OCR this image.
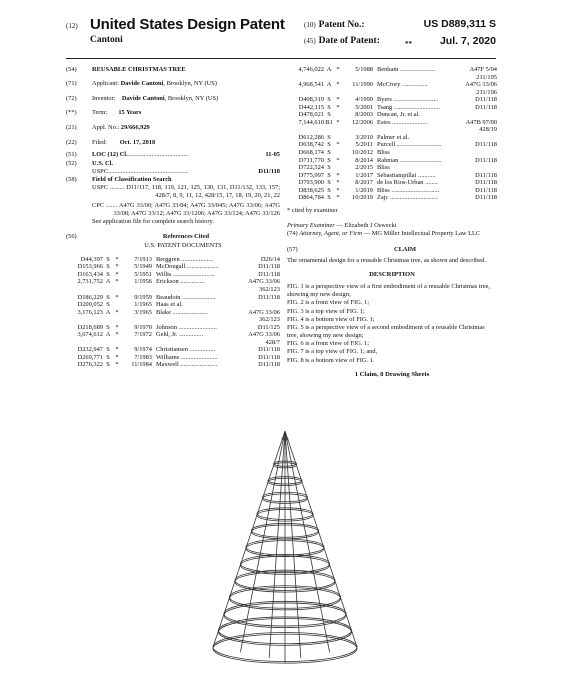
(12) United States Design Patent
Cantoni
(10) Patent No.:	US D889,311 S
(45) Date of Patent:	**	Jul. 7, 2020
(54)	REUSABLE CHRISTMAS TREE
(71)	Applicant: Davide Cantoni, Brooklyn, NY (US)
(72)	Inventor: Davide Cantoni, Brooklyn, NY (US)
(**)	Term: 15 Years
(21)	Appl. No.: 29/666,929
(22)	Filed: Oct. 17, 2018
(51)	LOC (12) Cl. ......................................	11-05
(52)	U.S. Cl.

USPC ..................................................	D11/118
(58)	Field of Classification Search

USPC ......... D11/117, 118, 119, 121, 125, 130, 131, D11/132, 133, 157; 428/7, 8, 9, 11, 12, 428/15, 17, 18, 19, 20, 21, 22
CPC ....... A47G 33/00; A47G 33/04; A47G 33/045; A47G 33/06; A47G 33/08; A47G 33/12; A47G 33/1206; A47G 33/124; A47G 33/126
See application file for complete search history.
(56)	References Cited
U.S. PATENT DOCUMENTS
D44,397 S *	7/1913 Berggren ....................	D26/14
D153,966 S *	5/1949 McDougall ....................	D11/118
D163,434 S *	5/1951 Willis ..........................	D11/118
2,731,752 A *	1/1956 Erickson ...............	A47G 33/06
362/123
D186,229 S *	9/1959 Beaudoin .....................	D11/118
D200,052 S	1/1965 Haas et al.
3,176,123 A *	3/1965 Blake ......................	A47G 33/06
362/123
D218,689 S *	9/1970 Johnson ........................	D11/125
3,674,612 A *	7/1972 Gehl, Jr. ...............	A47G 33/06
428/7
D232,947 S *	9/1974 Christiansen ................	D11/118
D269,771 S *	7/1983 Williams .......................	D11/118
D276,322 S *	11/1984 Maxwell .......................	D11/118
4,746,022 A *	5/1988 Benham ......................	A47F 5/04
211/195
4,968,541 A *	11/1990 McCrory ................	A47G 33/06
211/196
D408,319 S *	4/1999 Byers ............................	D11/118
D442,115 S *	5/2001 Tsang .............................	D11/118
D478,021 S	8/2003 Duncan, Jr. et al.
7,144,610 B1 *	12/2006 Estes ......................	A47B 97/00
428/19
D612,286 S	3/2010 Palmer et al.
D638,742 S *	5/2011 Purcell ............................	D11/118
D668,174 S	10/2012 Bliss
D711,770 S *	8/2014 Rahman ..........................	D11/118
D722,524 S	2/2015 Bliss
D775,997 S *	1/2017 Sebastiampillai ...........	D11/118
D793,900 S *	8/2017 de los Rios-Urban ........	D11/118
D838,625 S *	1/2019 Bliss ..............................	D11/118
D864,784 S *	10/2019 Zajc ..............................	D11/118
* cited by examiner
Primary Examiner — Elizabeth J Oswecki
(74) Attorney, Agent, or Firm — MG Miller Intellectual Property Law LLC
(57)	CLAIM
The ornamental design for a reusable Christmas tree, as shown and described.
DESCRIPTION
FIG. 1 is a perspective view of a first embodiment of a reusable Christmas tree, showing my new design;
FIG. 2 is a front view of FIG. 1;
FIG. 3 is a top view of FIG. 1;
FIG. 4 is a bottom view of FIG. 1;
FIG. 5 is a perspective view of a second embodiment of a reusable Christmas tree, showing my new design;
FIG. 6 is a front view of FIG. 1;
FIG. 7 is a top view of FIG. 1; and,
FIG. 8 is a bottom view of FIG. 1.
1 Claim, 8 Drawing Sheets
